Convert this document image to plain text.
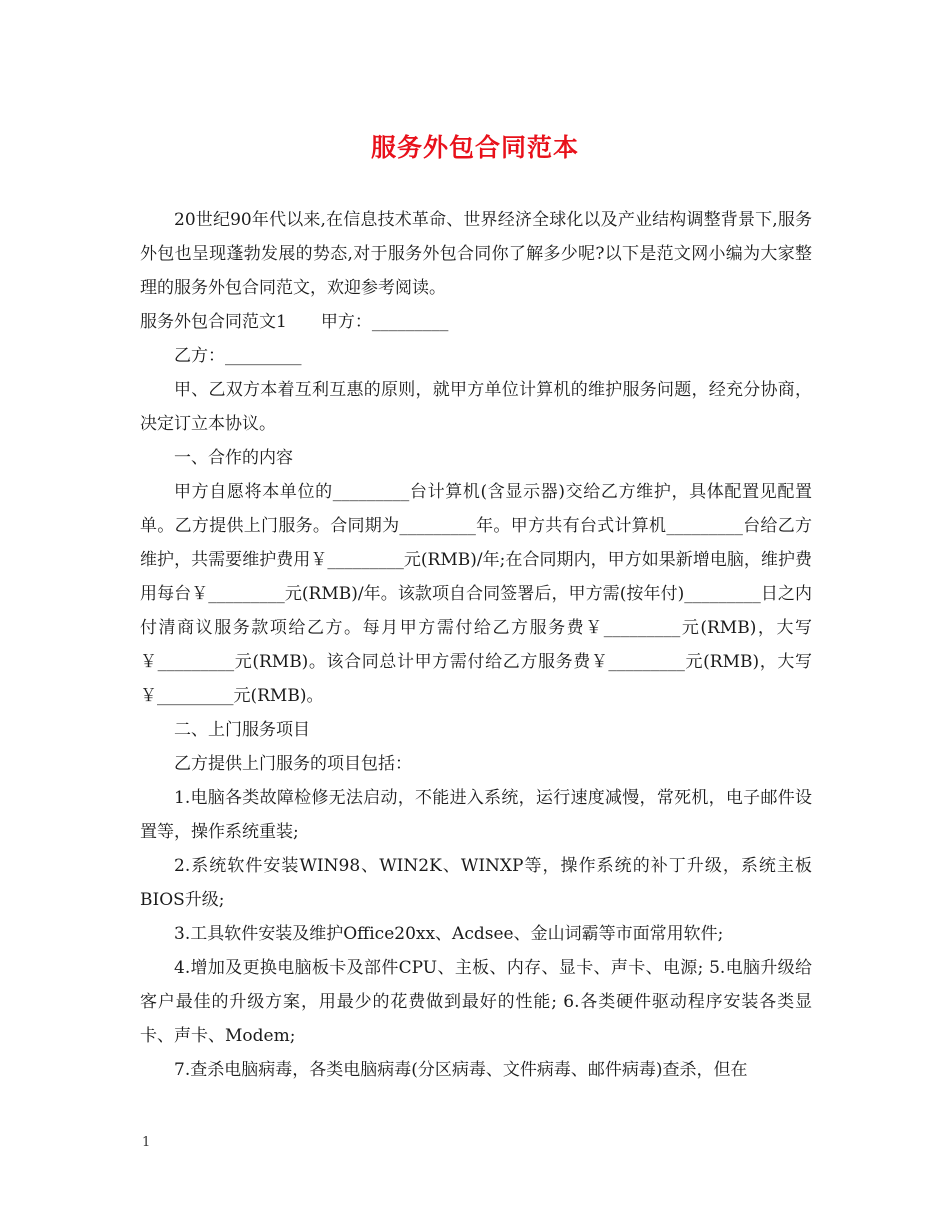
服务外包合同范本

20世纪90年代以来,在信息技术革命、世界经济全球化以及产业结构调整背景下,服务外包也呈现蓬勃发展的势态,对于服务外包合同你了解多少呢?以下是范文网小编为大家整理的服务外包合同范文，欢迎参考阅读。

服务外包合同范文1　　甲方：_________

乙方：_________

甲、乙双方本着互利互惠的原则，就甲方单位计算机的维护服务问题，经充分协商，决定订立本协议。

一、合作的内容

甲方自愿将本单位的_________台计算机(含显示器)交给乙方维护，具体配置见配置单。乙方提供上门服务。合同期为_________年。甲方共有台式计算机_________台给乙方维护，共需要维护费用￥_________元(RMB)/年;在合同期内，甲方如果新增电脑，维护费用每台￥_________元(RMB)/年。该款项自合同签署后，甲方需(按年付)_________日之内付清商议服务款项给乙方。每月甲方需付给乙方服务费￥_________元(RMB)，大写￥_________元(RMB)。该合同总计甲方需付给乙方服务费￥_________元(RMB)，大写￥_________元(RMB)。

二、上门服务项目

乙方提供上门服务的项目包括：

1.电脑各类故障检修无法启动，不能进入系统，运行速度减慢，常死机，电子邮件设置等，操作系统重装;

2.系统软件安装WIN98、WIN2K、WINXP等，操作系统的补丁升级，系统主板BIOS升级;

3.工具软件安装及维护Office20xx、Acdsee、金山词霸等市面常用软件;

4.增加及更换电脑板卡及部件CPU、主板、内存、显卡、声卡、电源; 5.电脑升级给客户最佳的升级方案，用最少的花费做到最好的性能; 6.各类硬件驱动程序安装各类显卡、声卡、Modem;

7.查杀电脑病毒，各类电脑病毒(分区病毒、文件病毒、邮件病毒)查杀，但在

1
